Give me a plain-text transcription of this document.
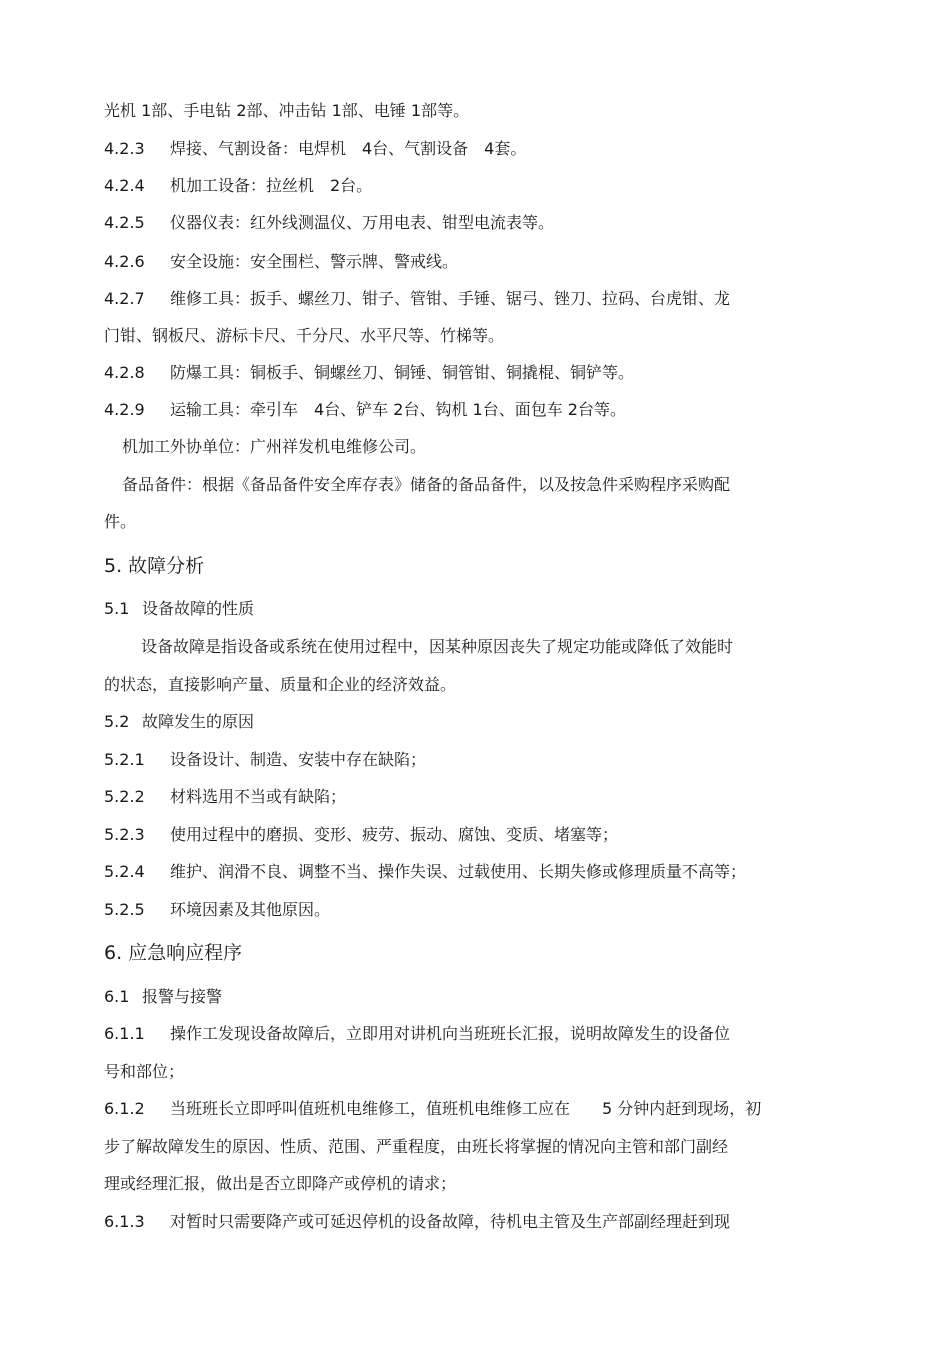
光机 1部、手电钻 2部、冲击钻 1部、电锤 1部等。
4.2.3 焊接、气割设备：电焊机　4台、气割设备　4套。
4.2.4 机加工设备：拉丝机　2台。
4.2.5 仪器仪表：红外线测温仪、万用电表、钳型电流表等。
4.2.6 安全设施：安全围栏、警示牌、警戒线。
4.2.7 维修工具：扳手、螺丝刀、钳子、管钳、手锤、锯弓、锉刀、拉码、台虎钳、龙
门钳、钢板尺、游标卡尺、千分尺、水平尺等、竹梯等。
4.2.8 防爆工具：铜板手、铜螺丝刀、铜锤、铜管钳、铜撬棍、铜铲等。
4.2.9 运输工具：牵引车　4台、铲车 2台、钩机 1台、面包车 2台等。
机加工外协单位：广州祥发机电维修公司。
备品备件：根据《备品备件安全库存表》储备的备品备件，以及按急件采购程序采购配
件。
5. 故障分析
5.1 设备故障的性质
设备故障是指设备或系统在使用过程中，因某种原因丧失了规定功能或降低了效能时
的状态，直接影响产量、质量和企业的经济效益。
5.2 故障发生的原因
5.2.1 设备设计、制造、安装中存在缺陷；
5.2.2 材料选用不当或有缺陷；
5.2.3 使用过程中的磨损、变形、疲劳、振动、腐蚀、变质、堵塞等；
5.2.4 维护、润滑不良、调整不当、操作失误、过载使用、长期失修或修理质量不高等；
5.2.5 环境因素及其他原因。
6. 应急响应程序
6.1 报警与接警
6.1.1 操作工发现设备故障后，立即用对讲机向当班班长汇报，说明故障发生的设备位
号和部位；
6.1.2 当班班长立即呼叫值班机电维修工，值班机电维修工应在　　5 分钟内赶到现场，初
步了解故障发生的原因、性质、范围、严重程度，由班长将掌握的情况向主管和部门副经
理或经理汇报，做出是否立即降产或停机的请求；
6.1.3 对暂时只需要降产或可延迟停机的设备故障，待机电主管及生产部副经理赶到现
